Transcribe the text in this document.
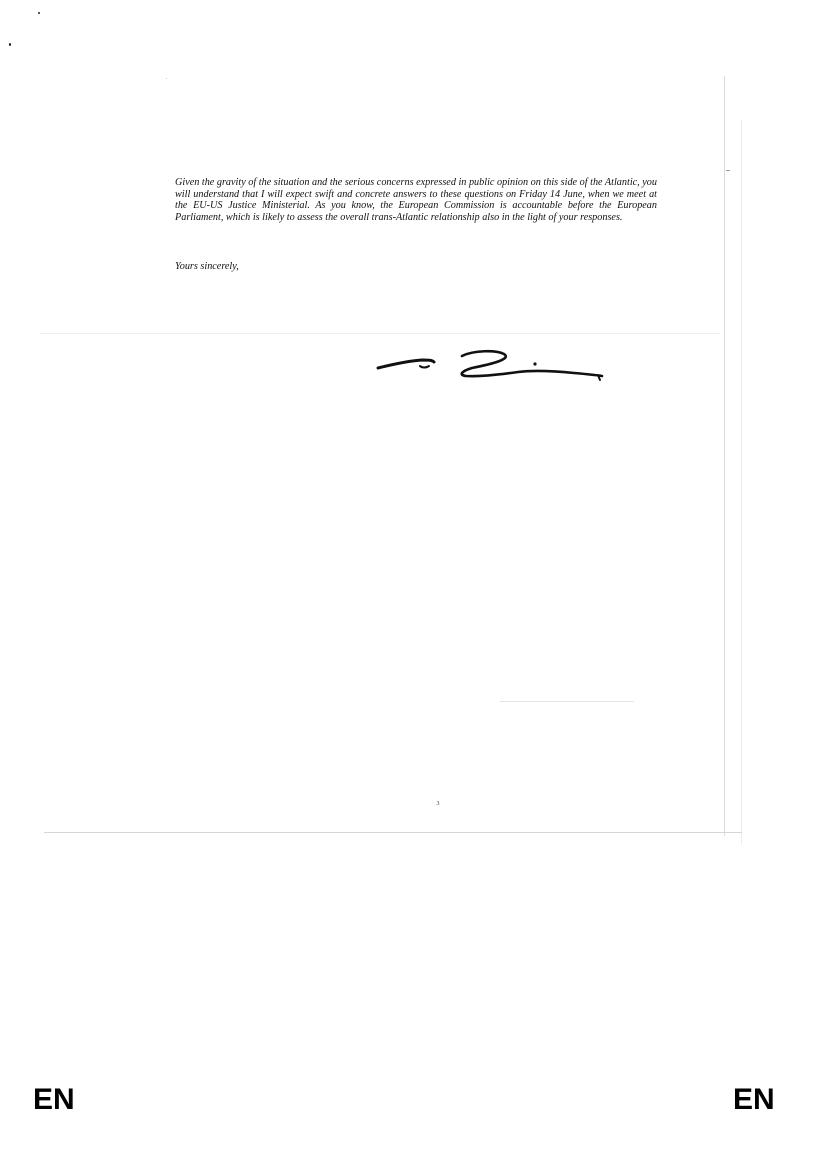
Given the gravity of the situation and the serious concerns expressed in public opinion on this side of the Atlantic, you will understand that I will expect swift and concrete answers to these questions on Friday 14 June, when we meet at the EU-US Justice Ministerial. As you know, the European Commission is accountable before the European Parliament, which is likely to assess the overall trans-Atlantic relationship also in the light of your responses.

Yours sincerely,

3
EN	EN
